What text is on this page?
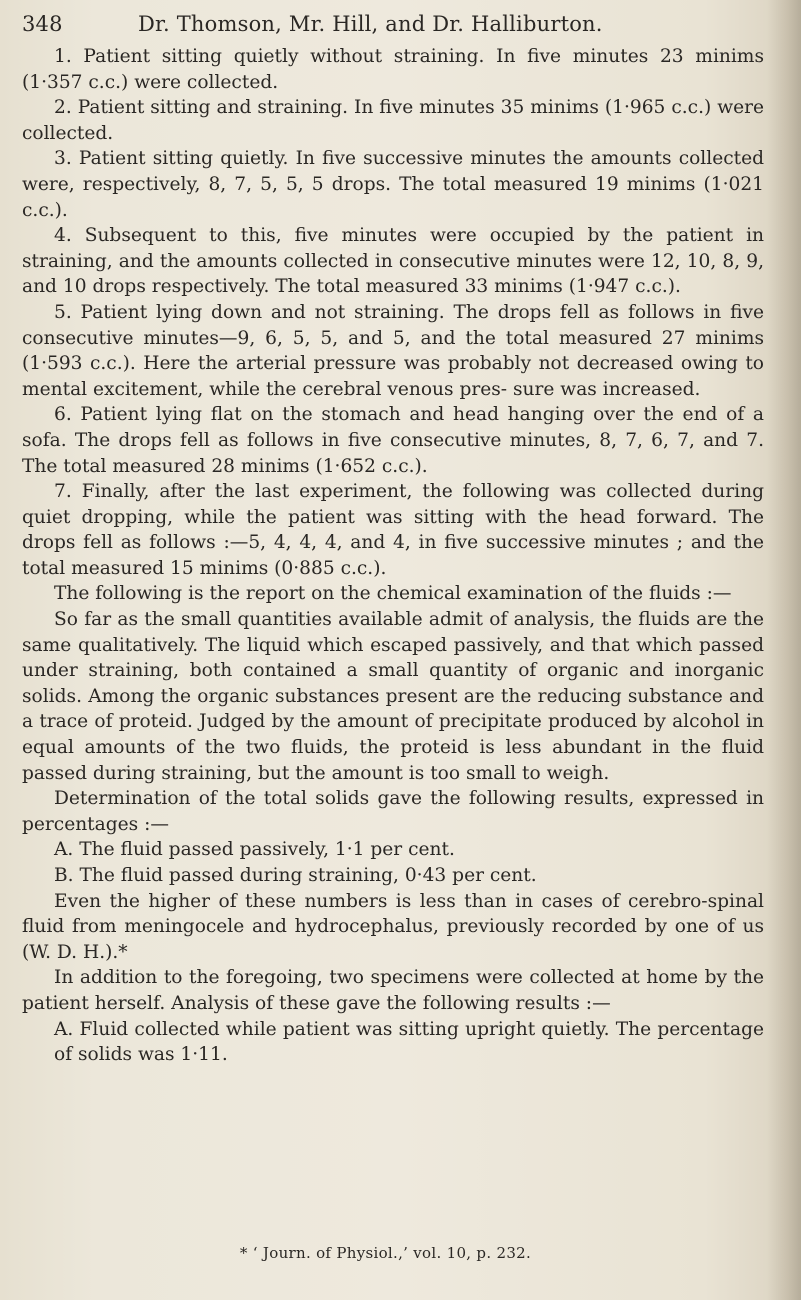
348	Dr. Thomson, Mr. Hill, and Dr. Halliburton.

1. Patient sitting quietly without straining. In five minutes 23 minims (1·357 c.c.) were collected.

2. Patient sitting and straining. In five minutes 35 minims (1·965 c.c.) were collected.

3. Patient sitting quietly. In five successive minutes the amounts collected were, respectively, 8, 7, 5, 5, 5 drops. The total measured 19 minims (1·021 c.c.).

4. Subsequent to this, five minutes were occupied by the patient in straining, and the amounts collected in consecutive minutes were 12, 10, 8, 9, and 10 drops respectively. The total measured 33 minims (1·947 c.c.).

5. Patient lying down and not straining. The drops fell as follows in five consecutive minutes—9, 6, 5, 5, and 5, and the total measured 27 minims (1·593 c.c.). Here the arterial pressure was probably not decreased owing to mental excitement, while the cerebral venous pres- sure was increased.

6. Patient lying flat on the stomach and head hanging over the end of a sofa. The drops fell as follows in five consecutive minutes, 8, 7, 6, 7, and 7. The total measured 28 minims (1·652 c.c.).

7. Finally, after the last experiment, the following was collected during quiet dropping, while the patient was sitting with the head forward. The drops fell as follows :—5, 4, 4, 4, and 4, in five successive minutes ; and the total measured 15 minims (0·885 c.c.).

The following is the report on the chemical examination of the fluids :—

So far as the small quantities available admit of analysis, the fluids are the same qualitatively. The liquid which escaped passively, and that which passed under straining, both contained a small quantity of organic and inorganic solids. Among the organic substances present are the reducing substance and a trace of proteid. Judged by the amount of precipitate produced by alcohol in equal amounts of the two fluids, the proteid is less abundant in the fluid passed during straining, but the amount is too small to weigh.

Determination of the total solids gave the following results, expressed in percentages :—

A. The fluid passed passively, 1·1 per cent.

B. The fluid passed during straining, 0·43 per cent.

Even the higher of these numbers is less than in cases of cerebro-spinal fluid from meningocele and hydrocephalus, previously recorded by one of us (W. D. H.).*

In addition to the foregoing, two specimens were collected at home by the patient herself. Analysis of these gave the following results :—

A. Fluid collected while patient was sitting upright quietly. The percentage of solids was 1·11.

* ‘ Journ. of Physiol.,’ vol. 10, p. 232.
